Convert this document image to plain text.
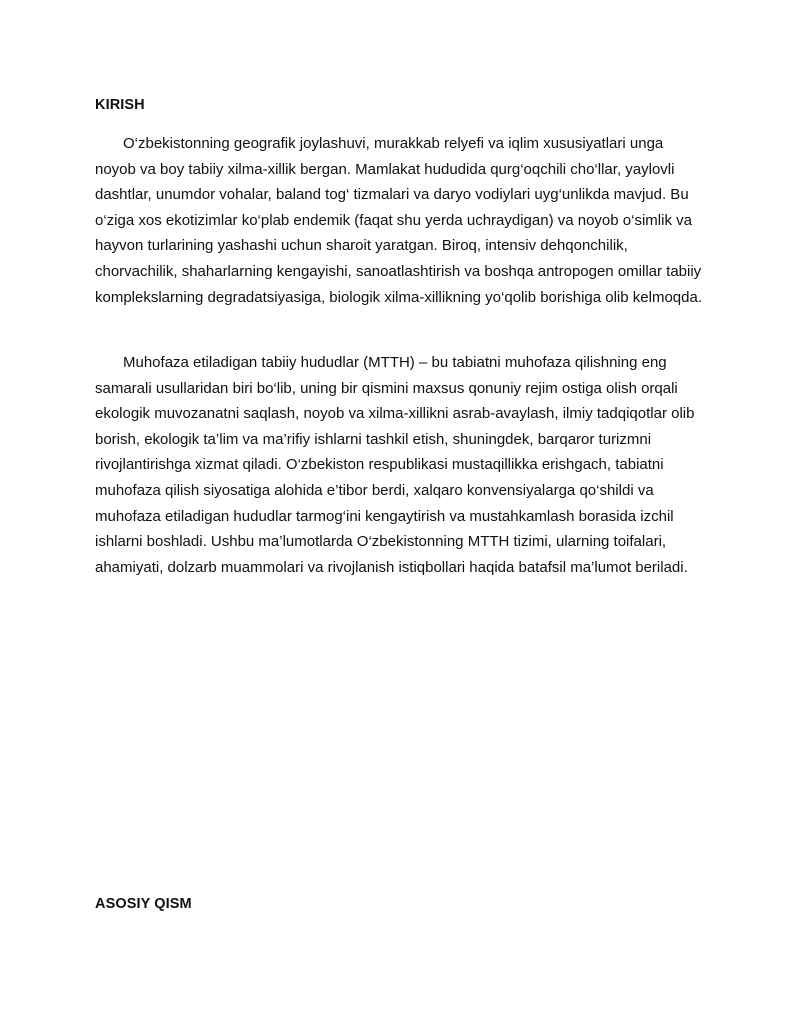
KIRISH

O‘zbekistonning geografik joylashuvi, murakkab relyefi va iqlim xususiyatlari unga noyob va boy tabiiy xilma-xillik bergan. Mamlakat hududida qurg‘oqchili cho‘llar, yaylovli dashtlar, unumdor vohalar, baland tog‘ tizmalari va daryo vodiylari uyg‘unlikda mavjud. Bu o‘ziga xos ekotizimlar ko‘plab endemik (faqat shu yerda uchraydigan) va noyob o‘simlik va hayvon turlarining yashashi uchun sharoit yaratgan. Biroq, intensiv dehqonchilik, chorvachilik, shaharlarning kengayishi, sanoatlashtirish va boshqa antropogen omillar tabiiy komplekslarning degradatsiyasiga, biologik xilma-xillikning yo‘qolib borishiga olib kelmoqda.

Muhofaza etiladigan tabiiy hududlar (MTTH) – bu tabiatni muhofaza qilishning eng samarali usullaridan biri bo‘lib, uning bir qismini maxsus qonuniy rejim ostiga olish orqali ekologik muvozanatni saqlash, noyob va xilma-xillikni asrab-avaylash, ilmiy tadqiqotlar olib borish, ekologik ta’lim va ma’rifiy ishlarni tashkil etish, shuningdek, barqaror turizmni rivojlantirishga xizmat qiladi. O‘zbekiston respublikasi mustaqillikka erishgach, tabiatni muhofaza qilish siyosatiga alohida e’tibor berdi, xalqaro konvensiyalarga qo‘shildi va muhofaza etiladigan hududlar tarmog‘ini kengaytirish va mustahkamlash borasida izchil ishlarni boshladi. Ushbu ma’lumotlarda O‘zbekistonning MTTH tizimi, ularning toifalari, ahamiyati, dolzarb muammolari va rivojlanish istiqbollari haqida batafsil ma’lumot beriladi.

ASOSIY QISM
